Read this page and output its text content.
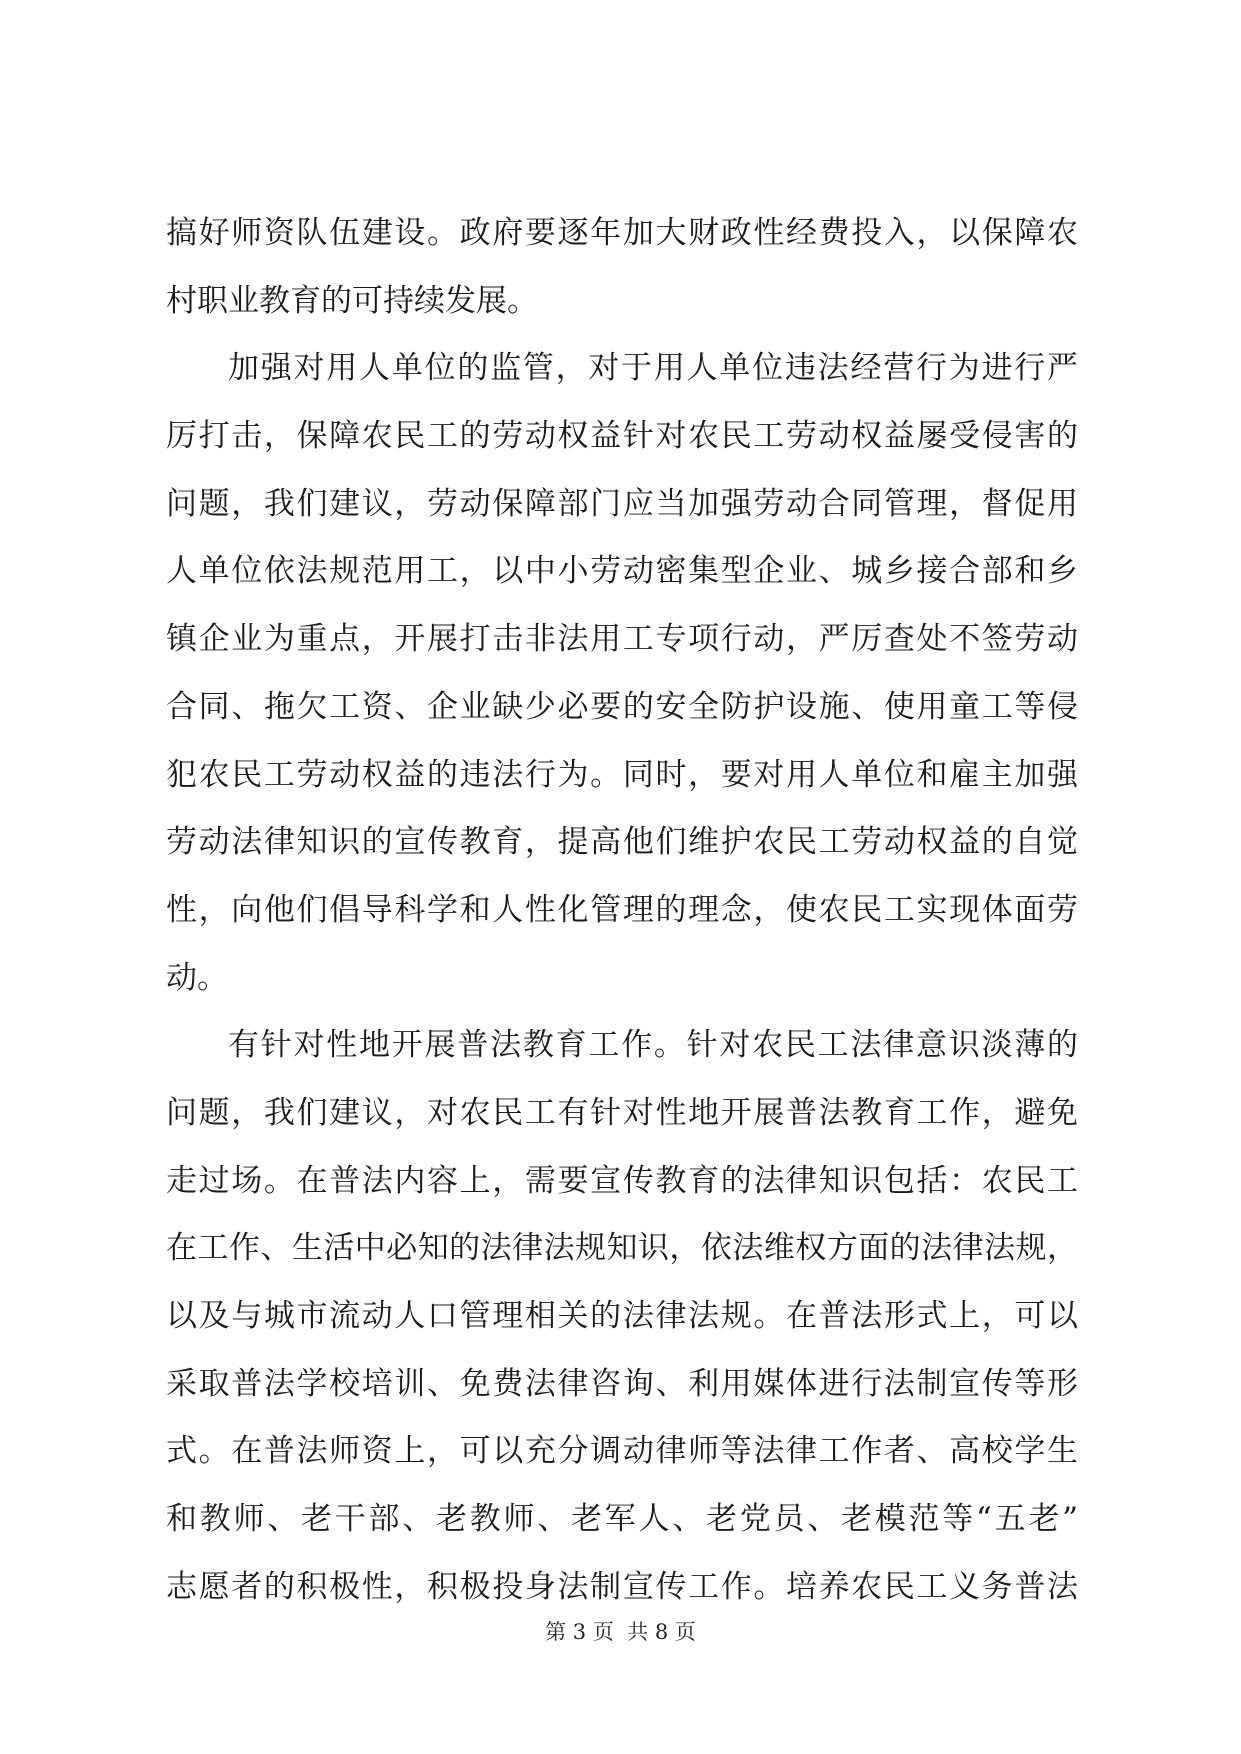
搞好师资队伍建设。政府要逐年加大财政性经费投入，以保障农
村职业教育的可持续发展。

加强对用人单位的监管，对于用人单位违法经营行为进行严
厉打击，保障农民工的劳动权益针对农民工劳动权益屡受侵害的
问题，我们建议，劳动保障部门应当加强劳动合同管理，督促用
人单位依法规范用工，以中小劳动密集型企业、城乡接合部和乡
镇企业为重点，开展打击非法用工专项行动，严厉查处不签劳动
合同、拖欠工资、企业缺少必要的安全防护设施、使用童工等侵
犯农民工劳动权益的违法行为。同时，要对用人单位和雇主加强
劳动法律知识的宣传教育，提高他们维护农民工劳动权益的自觉
性，向他们倡导科学和人性化管理的理念，使农民工实现体面劳
动。

有针对性地开展普法教育工作。针对农民工法律意识淡薄的
问题，我们建议，对农民工有针对性地开展普法教育工作，避免
走过场。在普法内容上，需要宣传教育的法律知识包括：农民工
在工作、生活中必知的法律法规知识，依法维权方面的法律法规，
以及与城市流动人口管理相关的法律法规。在普法形式上，可以
采取普法学校培训、免费法律咨询、利用媒体进行法制宣传等形
式。在普法师资上，可以充分调动律师等法律工作者、高校学生
和教师、老干部、老教师、老军人、老党员、老模范等“五老”
志愿者的积极性，积极投身法制宣传工作。培养农民工义务普法

第 3 页  共 8 页
